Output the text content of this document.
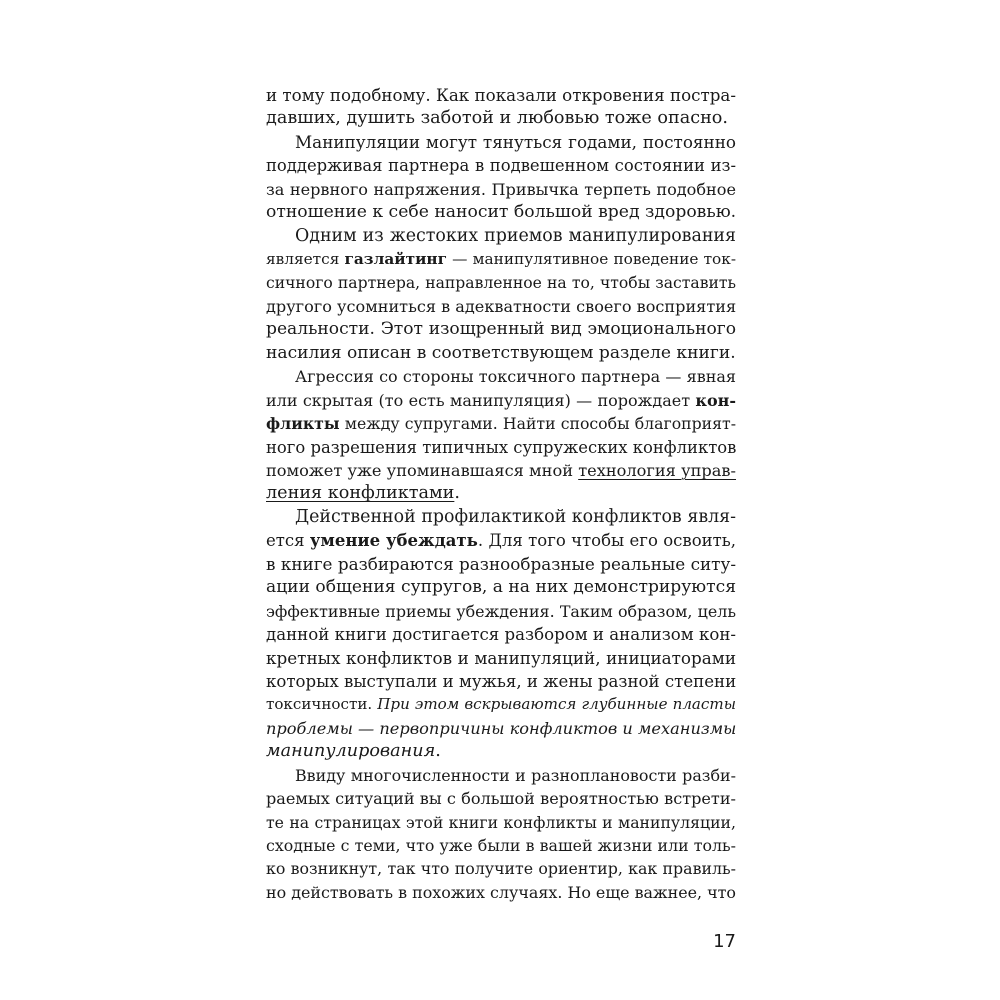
и тому подобному. Как показали откровения постра-
давших, душить заботой и любовью тоже опасно.
Манипуляции могут тянуться годами, постоянно
поддерживая партнера в подвешенном состоянии из-
за нервного напряжения. Привычка терпеть подобное
отношение к себе наносит большой вред здоровью.
Одним из жестоких приемов манипулирования
является газлайтинг — манипулятивное поведение ток-
сичного партнера, направленное на то, чтобы заставить
другого усомниться в адекватности своего восприятия
реальности. Этот изощренный вид эмоционального
насилия описан в соответствующем разделе книги.
Агрессия со стороны токсичного партнера — явная
или скрытая (то есть манипуляция) — порождает кон-
фликты между супругами. Найти способы благоприят-
ного разрешения типичных супружеских конфликтов
поможет уже упоминавшаяся мной технология управ-
ления конфликтами.
Действенной профилактикой конфликтов явля-
ется умение убеждать. Для того чтобы его освоить,
в книге разбираются разнообразные реальные ситу-
ации общения супругов, а на них демонстрируются
эффективные приемы убеждения. Таким образом, цель
данной книги достигается разбором и анализом кон-
кретных конфликтов и манипуляций, инициаторами
которых выступали и мужья, и жены разной степени
токсичности. При этом вскрываются глубинные пласты
проблемы — первопричины конфликтов и механизмы
манипулирования.
Ввиду многочисленности и разноплановости разби-
раемых ситуаций вы с большой вероятностью встрети-
те на страницах этой книги конфликты и манипуляции,
сходные с теми, что уже были в вашей жизни или толь-
ко возникнут, так что получите ориентир, как правиль-
но действовать в похожих случаях. Но еще важнее, что
17
